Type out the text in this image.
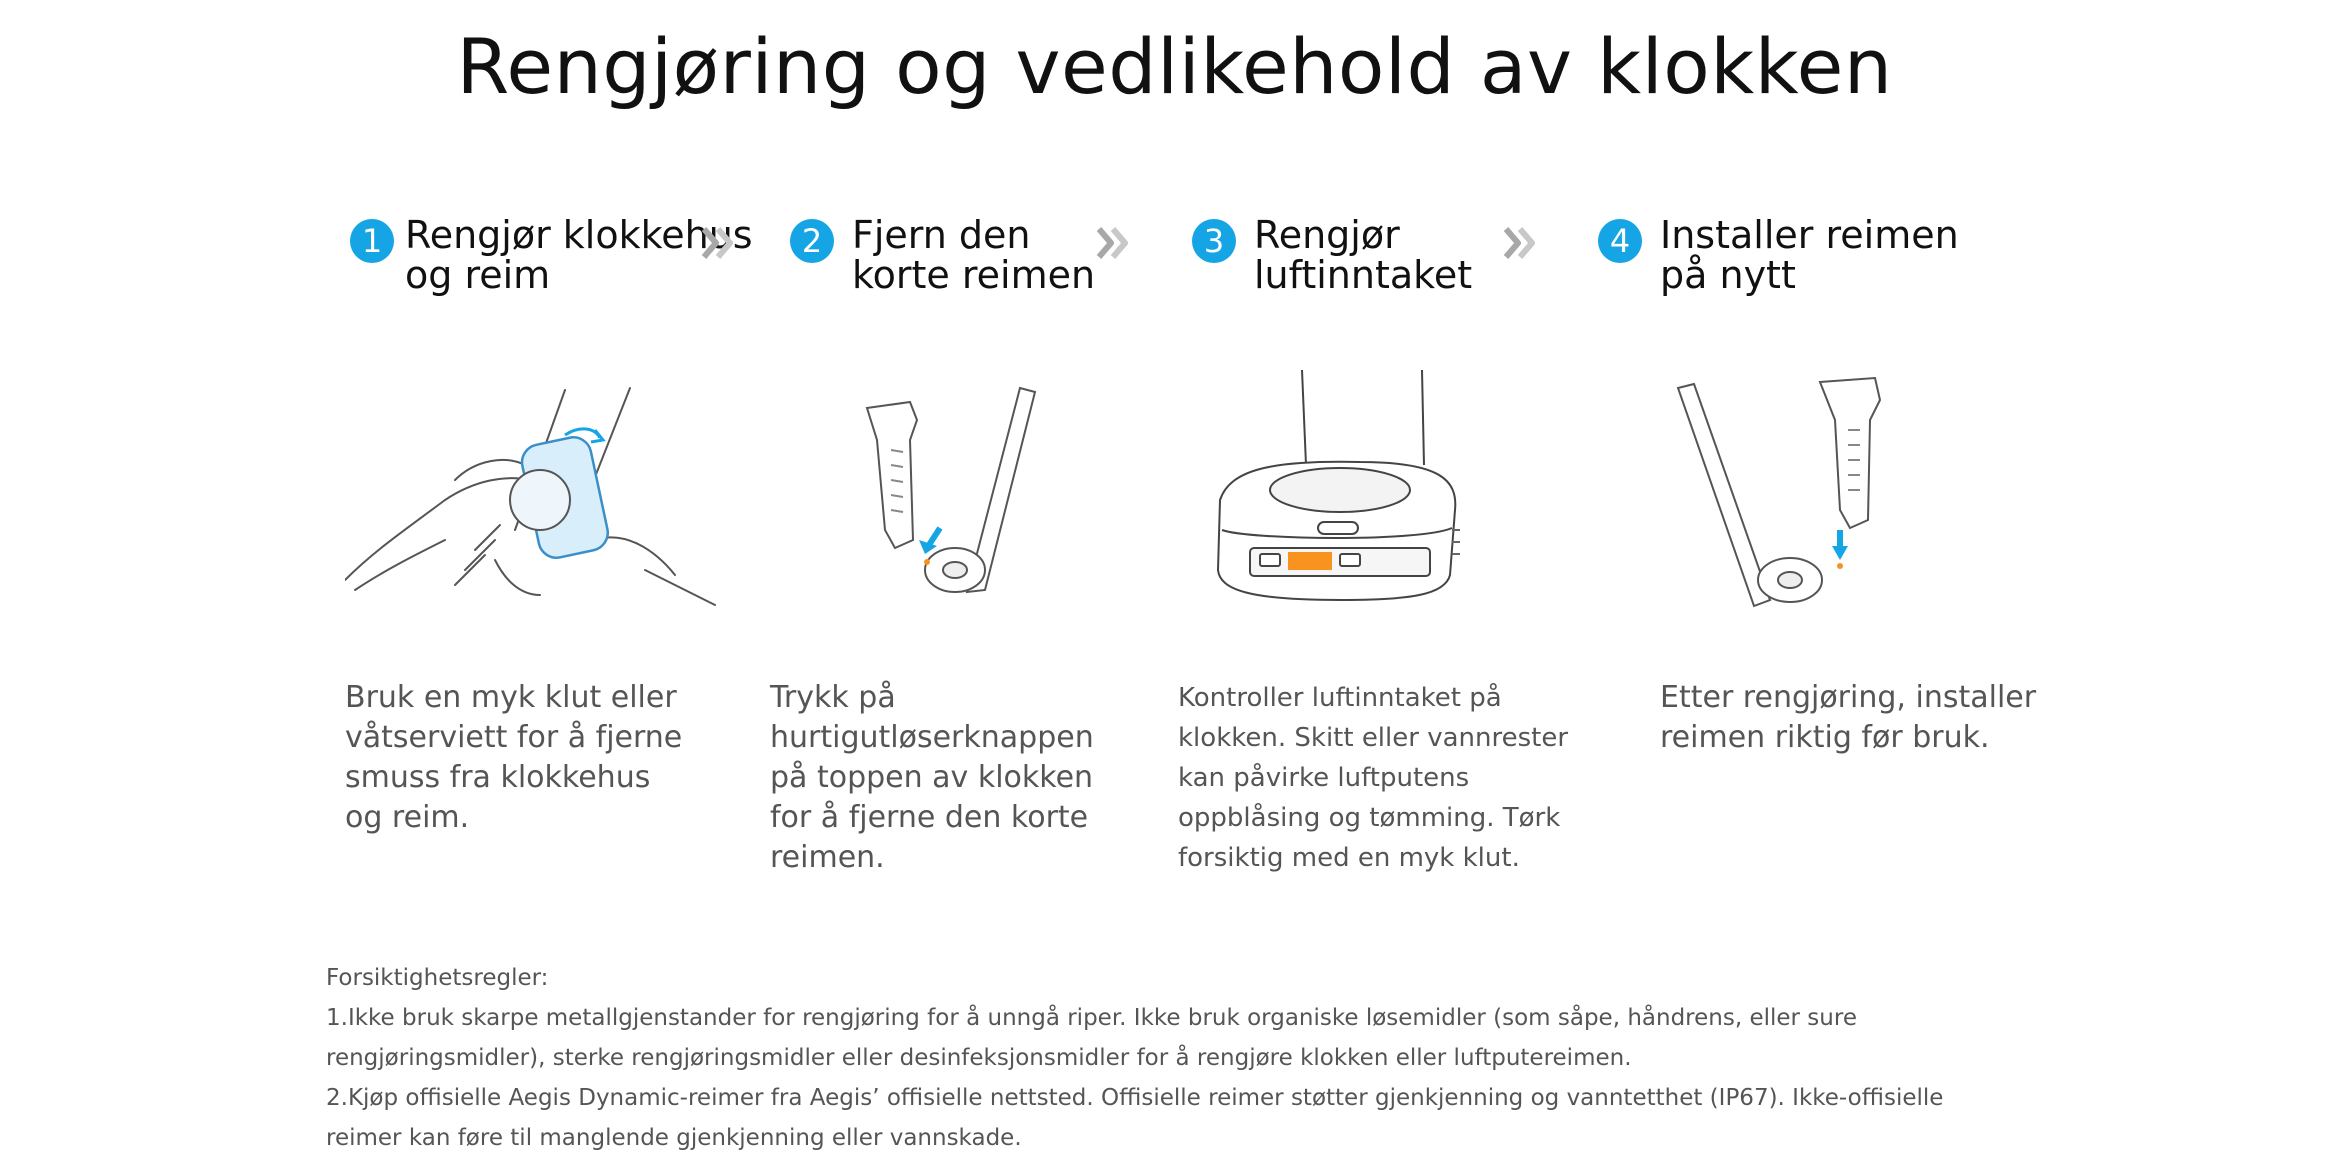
Rengjøring og vedlikehold av klokken
1 Rengjør klokkehus
og reim
2 Fjern den
korte reimen
3 Rengjør
luftinntaket
4 Installer reimen
på nytt
Bruk en myk klut eller våtserviett for å fjerne smuss fra klokkehus og reim.
Trykk på hurtigutløserknappen på toppen av klokken for å fjerne den korte reimen.
Kontroller luftinntaket på klokken. Skitt eller vannrester kan påvirke luftputens oppblåsing og tømming. Tørk forsiktig med en myk klut.
Etter rengjøring, installer reimen riktig før bruk.
Forsiktighetsregler:
1.Ikke bruk skarpe metallgjenstander for rengjøring for å unngå riper. Ikke bruk organiske løsemidler (som såpe, håndrens, eller sure rengjøringsmidler), sterke rengjøringsmidler eller desinfeksjonsmidler for å rengjøre klokken eller luftputereimen.
2.Kjøp offisielle Aegis Dynamic-reimer fra Aegis’ offisielle nettsted. Offisielle reimer støtter gjenkjenning og vanntetthet (IP67). Ikke-offisielle reimer kan føre til manglende gjenkjenning eller vannskade.
